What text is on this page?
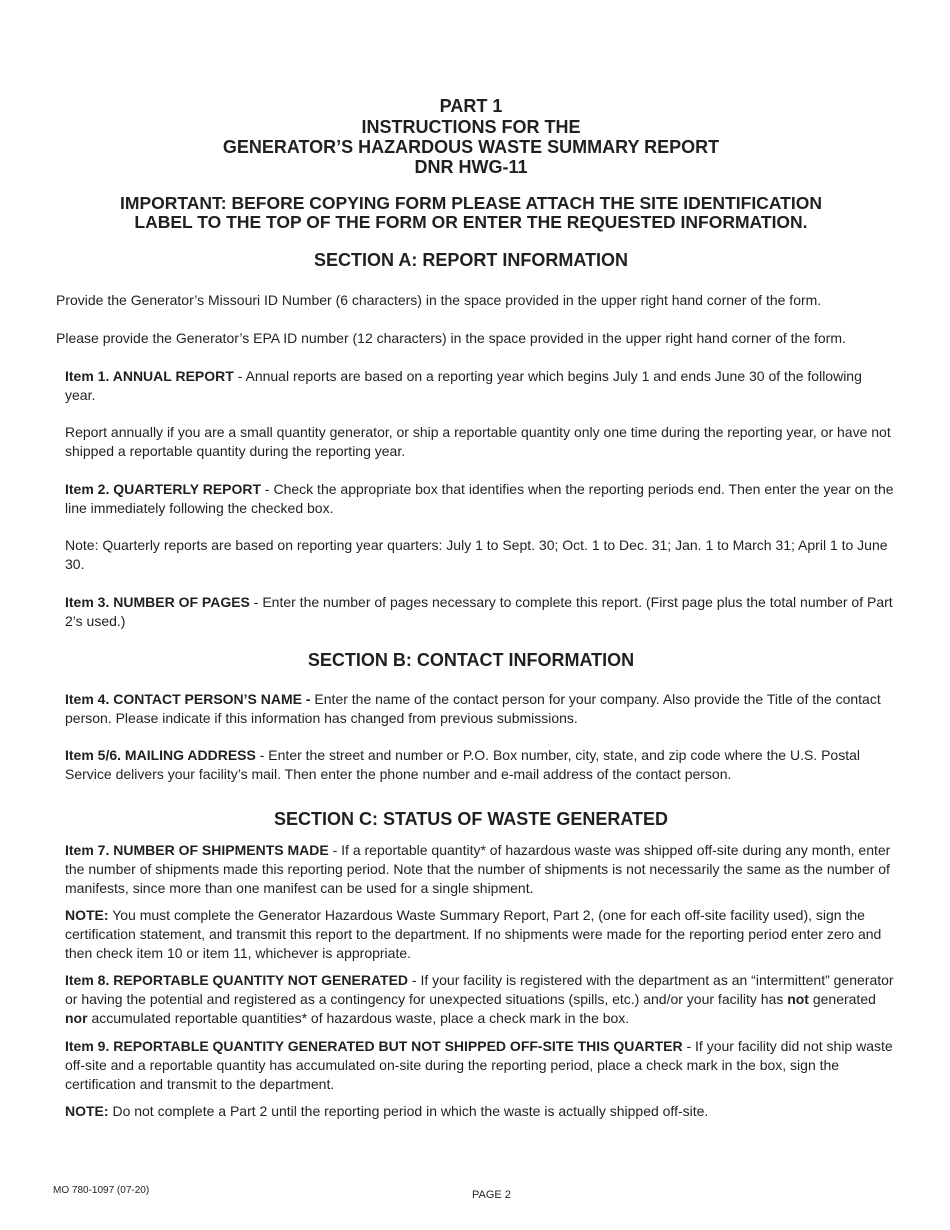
PART 1
INSTRUCTIONS FOR THE
GENERATOR’S HAZARDOUS WASTE SUMMARY REPORT
DNR HWG-11
IMPORTANT: BEFORE COPYING FORM PLEASE ATTACH THE SITE IDENTIFICATION
LABEL TO THE TOP OF THE FORM OR ENTER THE REQUESTED INFORMATION.
SECTION A: REPORT INFORMATION
Provide the Generator’s Missouri ID Number (6 characters) in the space provided in the upper right hand corner of the form.
Please provide the Generator’s EPA ID number (12 characters) in the space provided in the upper right hand corner of the form.
Item 1. ANNUAL REPORT - Annual reports are based on a reporting year which begins July 1 and ends June 30 of the following year.
Report annually if you are a small quantity generator, or ship a reportable quantity only one time during the reporting year, or have not shipped a reportable quantity during the reporting year.
Item 2. QUARTERLY REPORT - Check the appropriate box that identifies when the reporting periods end. Then enter the year on the line immediately following the checked box.
Note: Quarterly reports are based on reporting year quarters: July 1 to Sept. 30; Oct. 1 to Dec. 31; Jan. 1 to March 31; April 1 to June 30.
Item 3. NUMBER OF PAGES - Enter the number of pages necessary to complete this report. (First page plus the total number of Part 2’s used.)
SECTION B: CONTACT INFORMATION
Item 4. CONTACT PERSON’S NAME - Enter the name of the contact person for your company. Also provide the Title of the contact person. Please indicate if this information has changed from previous submissions.
Item 5/6. MAILING ADDRESS - Enter the street and number or P.O. Box number, city, state, and zip code where the U.S. Postal Service delivers your facility’s mail. Then enter the phone number and e-mail address of the contact person.
SECTION C: STATUS OF WASTE GENERATED
Item 7. NUMBER OF SHIPMENTS MADE - If a reportable quantity* of hazardous waste was shipped off-site during any month, enter the number of shipments made this reporting period. Note that the number of shipments is not necessarily the same as the number of manifests, since more than one manifest can be used for a single shipment.
NOTE: You must complete the Generator Hazardous Waste Summary Report, Part 2, (one for each off-site facility used), sign the certification statement, and transmit this report to the department. If no shipments were made for the reporting period enter zero and then check item 10 or item 11, whichever is appropriate.
Item 8. REPORTABLE QUANTITY NOT GENERATED - If your facility is registered with the department as an “intermittent” generator or having the potential and registered as a contingency for unexpected situations (spills, etc.) and/or your facility has not generated nor accumulated reportable quantities* of hazardous waste, place a check mark in the box.
Item 9. REPORTABLE QUANTITY GENERATED BUT NOT SHIPPED OFF-SITE THIS QUARTER - If your facility did not ship waste off-site and a reportable quantity has accumulated on-site during the reporting period, place a check mark in the box, sign the certification and transmit to the department.
NOTE: Do not complete a Part 2 until the reporting period in which the waste is actually shipped off-site.
MO 780-1097 (07-20)	PAGE 2
